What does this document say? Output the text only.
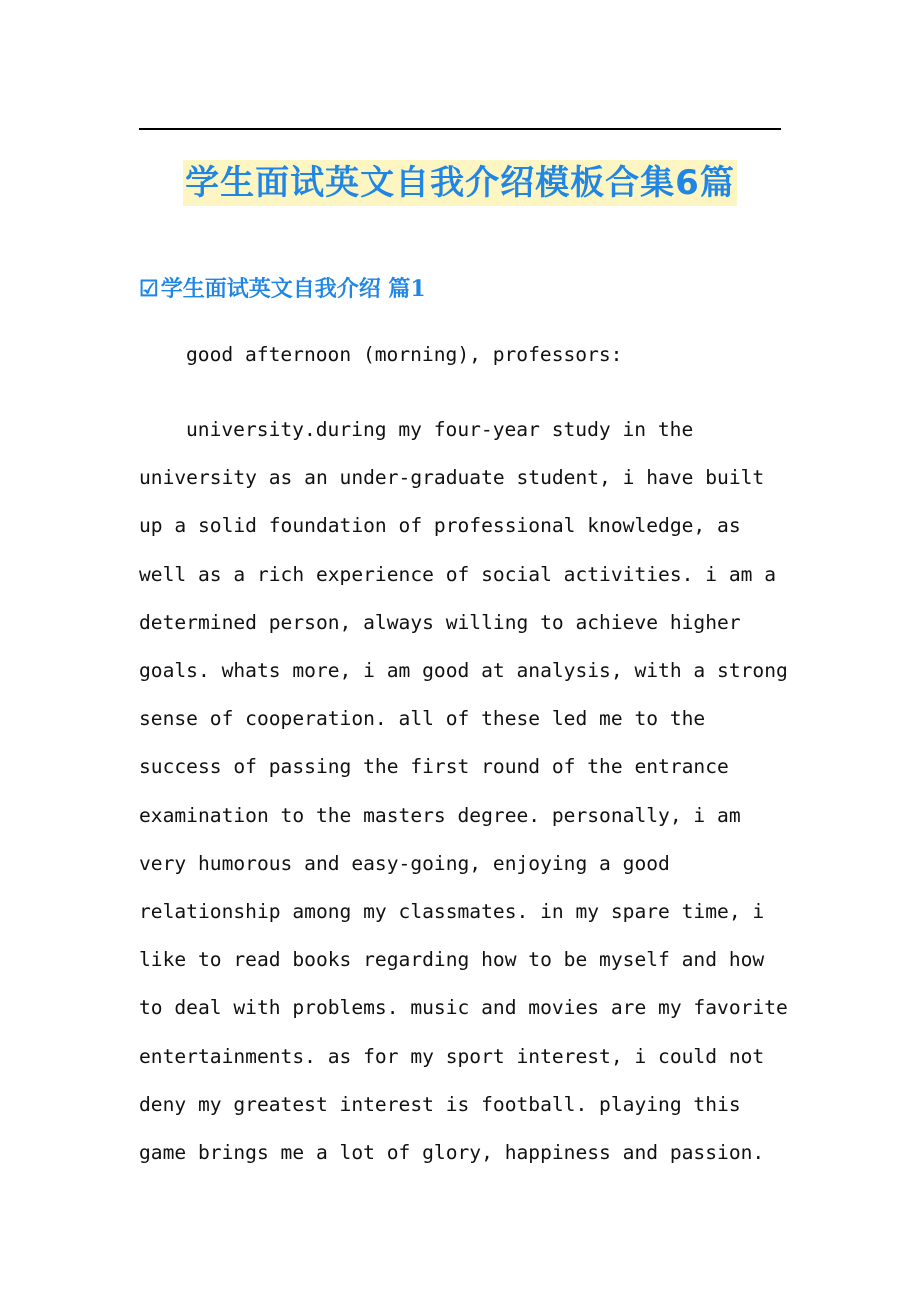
学生面试英文自我介绍模板合集6篇
☑学生面试英文自我介绍 篇1
good afternoon (morning), professors:
university.during my four-year study in the
university as an under-graduate student, i have built
up a solid foundation of professional knowledge, as
well as a rich experience of social activities. i am a
determined person, always willing to achieve higher
goals. whats more, i am good at analysis, with a strong
sense of cooperation. all of these led me to the
success of passing the first round of the entrance
examination to the masters degree. personally, i am
very humorous and easy-going, enjoying a good
relationship among my classmates. in my spare time, i
like to read books regarding how to be myself and how
to deal with problems. music and movies are my favorite
entertainments. as for my sport interest, i could not
deny my greatest interest is football. playing this
game brings me a lot of glory, happiness and passion.
